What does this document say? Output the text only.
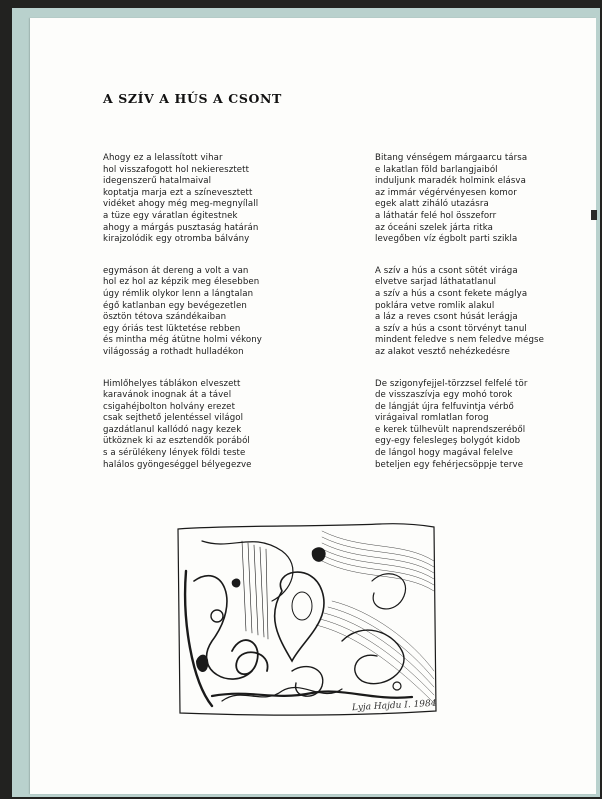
A SZÍV A HÚS A CSONT
Ahogy ez a lelassított vihar
hol visszafogott hol nekieresztett
idegenszerű hatalmaival
koptatja marja ezt a színevesztett
vidéket ahogy még meg-megnyílall
a tüze egy váratlan égitestnek
ahogy a márgás pusztaság határán
kirajzolódik egy otromba bálvány
egymáson át dereng a volt a van
hol ez hol az képzik meg élesebben
úgy rémlik olykor lenn a lángtalan
égő katlanban egy bevégezetlen
ösztön tétova szándékaiban
egy óriás test lüktetése rebben
és mintha még átütne holmi vékony
világosság a rothadt hulladékon
Himlőhelyes táblákon elveszett
karavánok inognak át a tável
csigahéjbolton holvány erezet
csak sejthető jelentéssel világol
gazdátlanul kallódó nagy kezek
ütköznek ki az esztendők porából
s a sérülékeny lények földi teste
halálos gyöngeséggel bélyegezve
Bitang vénségem márgaarcu társa
e lakatlan föld barlangjaiból
induljunk maradék holmink elásva
az immár végérvényesen komor
egek alatt ziháló utazásra
a láthatár felé hol összeforr
az óceáni szelek járta ritka
levegőben víz égbolt parti szikla
A szív a hús a csont sötét virága
elvetve sarjad láthatatlanul
a szív a hús a csont fekete máglya
poklára vetve romlik alakul
a láz a reves csont húsát lerágja
a szív a hús a csont törvényt tanul
mindent feledve s nem feledve mégse
az alakot vesztő nehézkedésre
De szigonyfejjel-törzzsel felfelé tör
de visszaszívja egy mohó torok
de lángját újra felfuvintja vérbő
virágaival romlatlan forog
e kerek tülhevült naprendszeréből
egy-egy feleslegeş bolygót kidob
de lángol hogy magával felelve
beteljen egy fehérjecsöppje terve
Lyja Hajdu I. 1984
